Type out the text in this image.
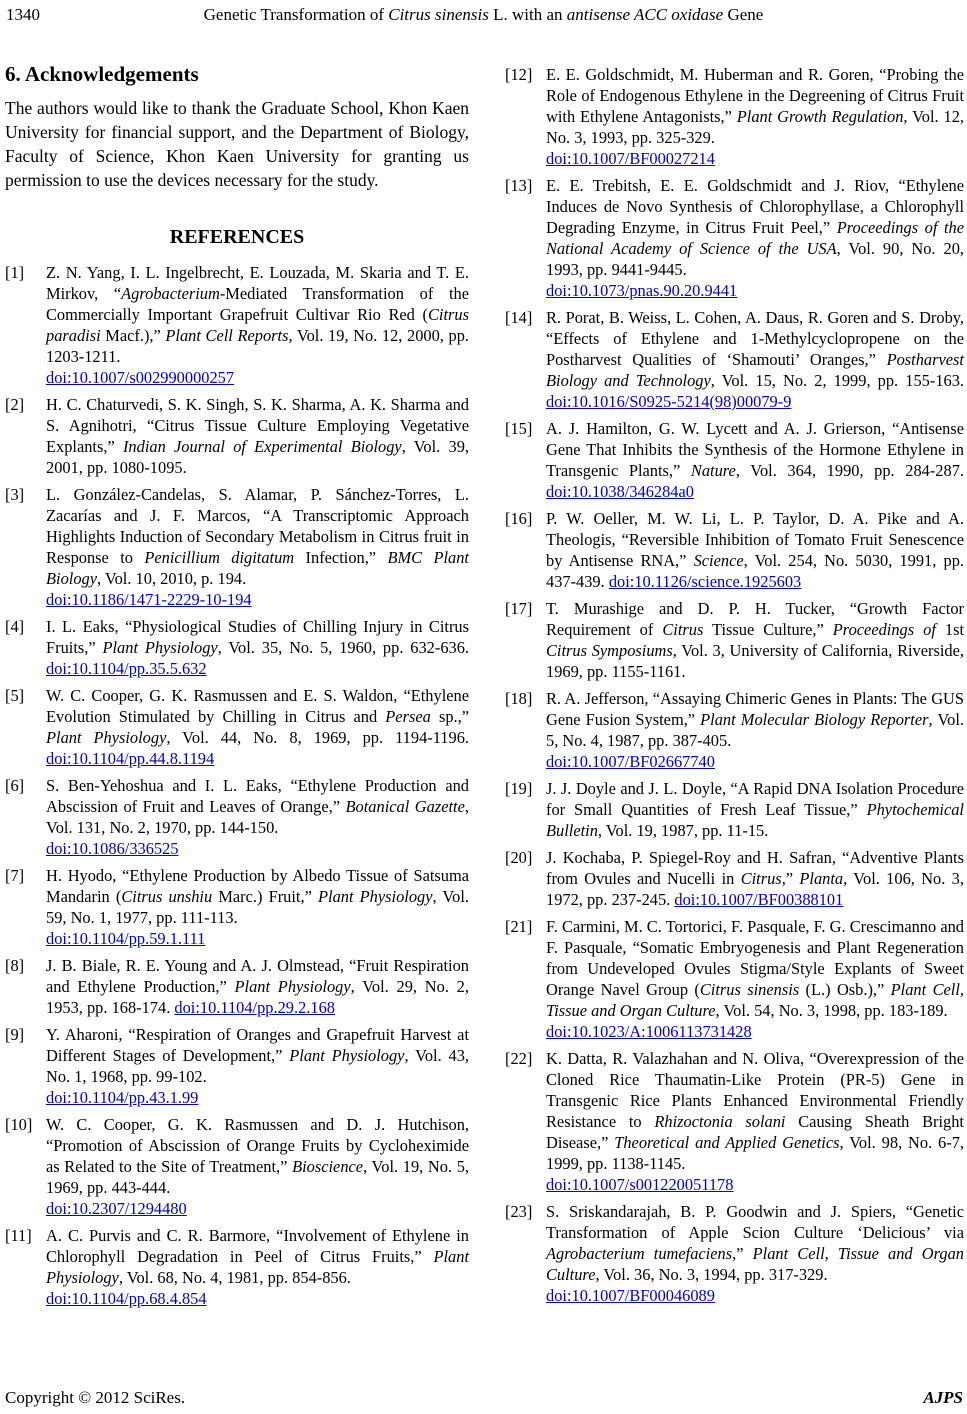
1340	Genetic Transformation of Citrus sinensis L. with an antisense ACC oxidase Gene
6. Acknowledgements

The authors would like to thank the Graduate School, Khon Kaen University for financial support, and the Department of Biology, Faculty of Science, Khon Kaen University for granting us permission to use the devices necessary for the study.

REFERENCES
[1]	Z. N. Yang, I. L. Ingelbrecht, E. Louzada, M. Skaria and T. E. Mirkov, “Agrobacterium-Mediated Transformation of the Commercially Important Grapefruit Cultivar Rio Red (Citrus paradisi Macf.),” Plant Cell Reports, Vol. 19, No. 12, 2000, pp. 1203-1211.
doi:10.1007/s002990000257
[2]	H. C. Chaturvedi, S. K. Singh, S. K. Sharma, A. K. Sharma and S. Agnihotri, “Citrus Tissue Culture Employing Vegetative Explants,” Indian Journal of Experimental Biology, Vol. 39, 2001, pp. 1080-1095.
[3]	L. González-Candelas, S. Alamar, P. Sánchez-Torres, L. Zacarías and J. F. Marcos, “A Transcriptomic Approach Highlights Induction of Secondary Metabolism in Citrus fruit in Response to Penicillium digitatum Infection,” BMC Plant Biology, Vol. 10, 2010, p. 194.
doi:10.1186/1471-2229-10-194
[4]	I. L. Eaks, “Physiological Studies of Chilling Injury in Citrus Fruits,” Plant Physiology, Vol. 35, No. 5, 1960, pp. 632-636. doi:10.1104/pp.35.5.632
[5]	W. C. Cooper, G. K. Rasmussen and E. S. Waldon, “Ethylene Evolution Stimulated by Chilling in Citrus and Persea sp.,” Plant Physiology, Vol. 44, No. 8, 1969, pp. 1194-1196. doi:10.1104/pp.44.8.1194
[6]	S. Ben-Yehoshua and I. L. Eaks, “Ethylene Production and Abscission of Fruit and Leaves of Orange,” Botanical Gazette, Vol. 131, No. 2, 1970, pp. 144-150.
doi:10.1086/336525
[7]	H. Hyodo, “Ethylene Production by Albedo Tissue of Satsuma Mandarin (Citrus unshiu Marc.) Fruit,” Plant Physiology, Vol. 59, No. 1, 1977, pp. 111-113.
doi:10.1104/pp.59.1.111
[8]	J. B. Biale, R. E. Young and A. J. Olmstead, “Fruit Respiration and Ethylene Production,” Plant Physiology, Vol. 29, No. 2, 1953, pp. 168-174. doi:10.1104/pp.29.2.168
[9]	Y. Aharoni, “Respiration of Oranges and Grapefruit Harvest at Different Stages of Development,” Plant Physiology, Vol. 43, No. 1, 1968, pp. 99-102.
doi:10.1104/pp.43.1.99
[10] W. C. Cooper, G. K. Rasmussen and D. J. Hutchison, “Promotion of Abscission of Orange Fruits by Cycloheximide as Related to the Site of Treatment,” Bioscience, Vol. 19, No. 5, 1969, pp. 443-444.
doi:10.2307/1294480
[11] A. C. Purvis and C. R. Barmore, “Involvement of Ethylene in Chlorophyll Degradation in Peel of Citrus Fruits,” Plant Physiology, Vol. 68, No. 4, 1981, pp. 854-856.
doi:10.1104/pp.68.4.854
[12] E. E. Goldschmidt, M. Huberman and R. Goren, “Probing the Role of Endogenous Ethylene in the Degreening of Citrus Fruit with Ethylene Antagonists,” Plant Growth Regulation, Vol. 12, No. 3, 1993, pp. 325-329.
doi:10.1007/BF00027214
[13] E. E. Trebitsh, E. E. Goldschmidt and J. Riov, “Ethylene Induces de Novo Synthesis of Chlorophyllase, a Chlorophyll Degrading Enzyme, in Citrus Fruit Peel,” Proceedings of the National Academy of Science of the USA, Vol. 90, No. 20, 1993, pp. 9441-9445.
doi:10.1073/pnas.90.20.9441
[14] R. Porat, B. Weiss, L. Cohen, A. Daus, R. Goren and S. Droby, “Effects of Ethylene and 1-Methylcyclopropene on the Postharvest Qualities of ‘Shamouti’ Oranges,” Postharvest Biology and Technology, Vol. 15, No. 2, 1999, pp. 155-163. doi:10.1016/S0925-5214(98)00079-9
[15] A. J. Hamilton, G. W. Lycett and A. J. Grierson, “Antisense Gene That Inhibits the Synthesis of the Hormone Ethylene in Transgenic Plants,” Nature, Vol. 364, 1990, pp. 284-287. doi:10.1038/346284a0
[16] P. W. Oeller, M. W. Li, L. P. Taylor, D. A. Pike and A. Theologis, “Reversible Inhibition of Tomato Fruit Senescence by Antisense RNA,” Science, Vol. 254, No. 5030, 1991, pp. 437-439. doi:10.1126/science.1925603
[17] T. Murashige and D. P. H. Tucker, “Growth Factor Requirement of Citrus Tissue Culture,” Proceedings of 1st Citrus Symposiums, Vol. 3, University of California, Riverside, 1969, pp. 1155-1161.
[18] R. A. Jefferson, “Assaying Chimeric Genes in Plants: The GUS Gene Fusion System,” Plant Molecular Biology Reporter, Vol. 5, No. 4, 1987, pp. 387-405.
doi:10.1007/BF02667740
[19] J. J. Doyle and J. L. Doyle, “A Rapid DNA Isolation Procedure for Small Quantities of Fresh Leaf Tissue,” Phytochemical Bulletin, Vol. 19, 1987, pp. 11-15.
[20] J. Kochaba, P. Spiegel-Roy and H. Safran, “Adventive Plants from Ovules and Nucelli in Citrus,” Planta, Vol. 106, No. 3, 1972, pp. 237-245. doi:10.1007/BF00388101
[21] F. Carmini, M. C. Tortorici, F. Pasquale, F. G. Crescimanno and F. Pasquale, “Somatic Embryogenesis and Plant Regeneration from Undeveloped Ovules Stigma/Style Explants of Sweet Orange Navel Group (Citrus sinensis (L.) Osb.),” Plant Cell, Tissue and Organ Culture, Vol. 54, No. 3, 1998, pp. 183-189.
doi:10.1023/A:1006113731428
[22] K. Datta, R. Valazhahan and N. Oliva, “Overexpression of the Cloned Rice Thaumatin-Like Protein (PR-5) Gene in Transgenic Rice Plants Enhanced Environmental Friendly Resistance to Rhizoctonia solani Causing Sheath Bright Disease,” Theoretical and Applied Genetics, Vol. 98, No. 6-7, 1999, pp. 1138-1145.
doi:10.1007/s001220051178
[23] S. Sriskandarajah, B. P. Goodwin and J. Spiers, “Genetic Transformation of Apple Scion Culture ‘Delicious’ via Agrobacterium tumefaciens,” Plant Cell, Tissue and Organ Culture, Vol. 36, No. 3, 1994, pp. 317-329.
doi:10.1007/BF00046089
Copyright © 2012 SciRes.	AJPS
